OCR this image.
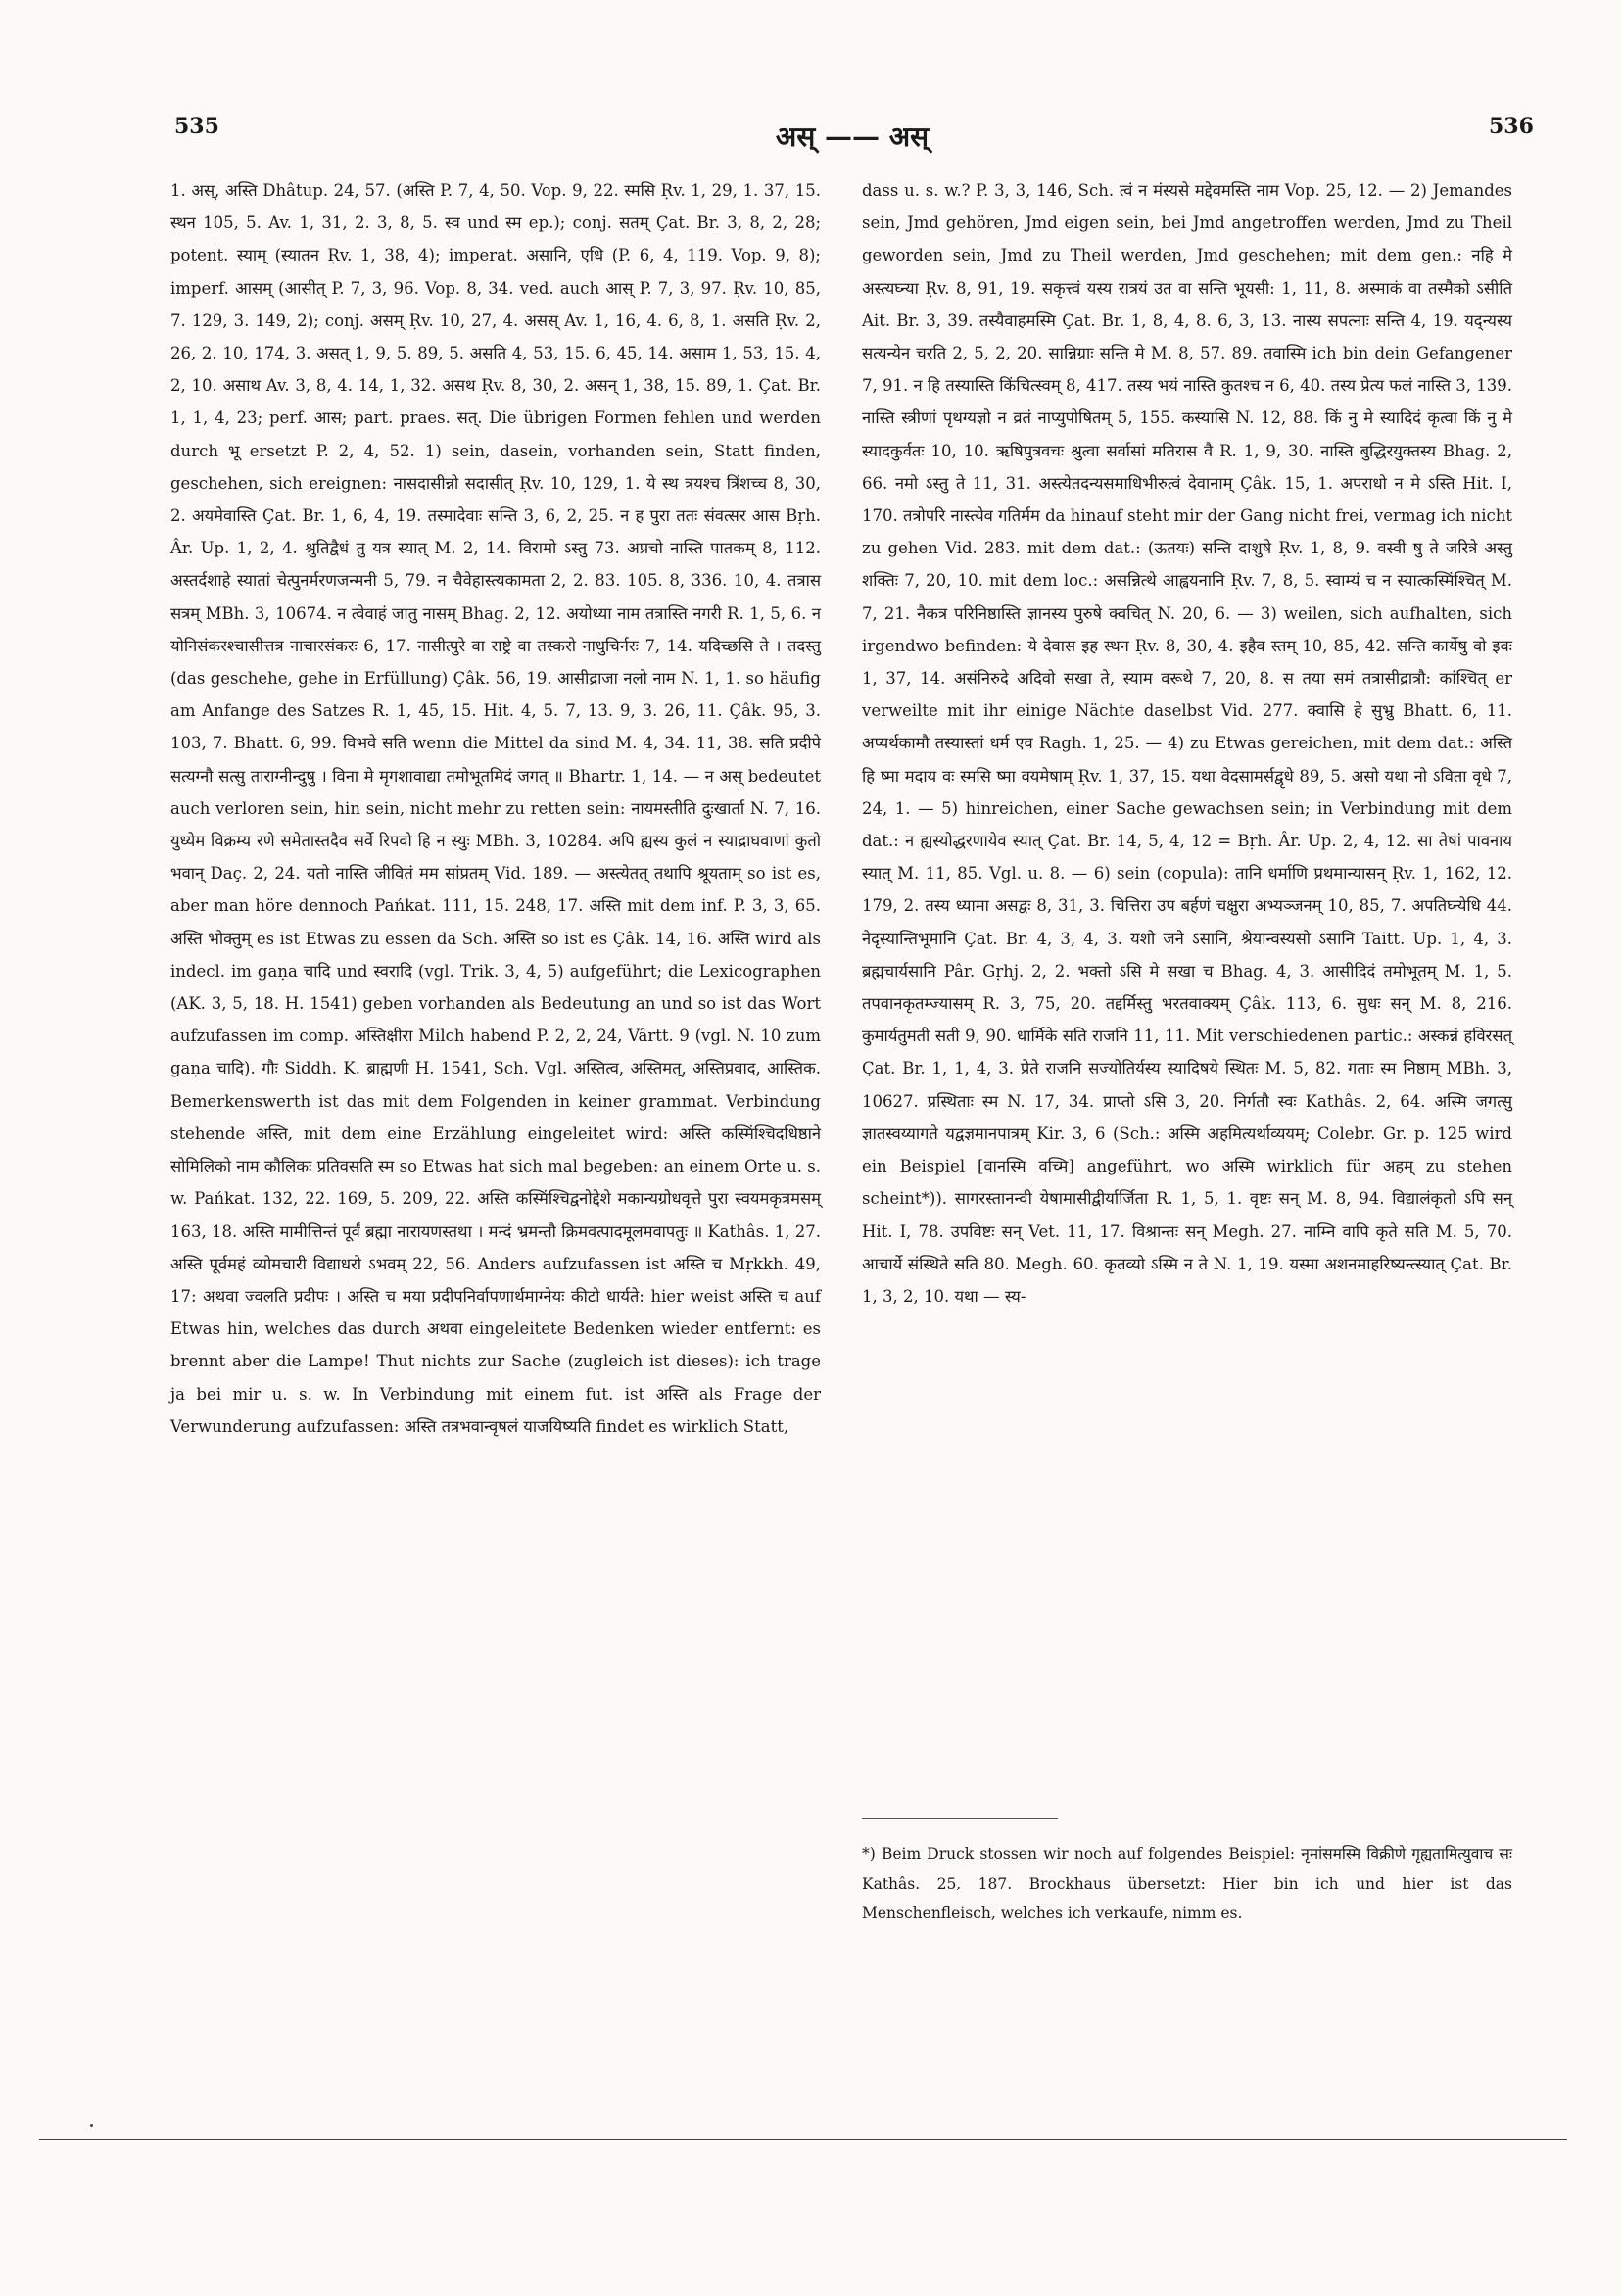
535	अस् —— अस्	536

1. अस्, अस्ति Dhâtup. 24, 57. (अस्ति P. 7, 4, 50. Vop. 9, 22. स्मसि Ṛv. 1, 29, 1. 37, 15. स्थन 105, 5. Av. 1, 31, 2. 3, 8, 5. स्व und स्म ep.); conj. सतम् Çat. Br. 3, 8, 2, 28; potent. स्याम् (स्यातन Ṛv. 1, 38, 4); imperat. असानि, एधि (P. 6, 4, 119. Vop. 9, 8); imperf. आसम् (आसीत् P. 7, 3, 96. Vop. 8, 34. ved. auch आस् P. 7, 3, 97. Ṛv. 10, 85, 7. 129, 3. 149, 2); conj. असम् Ṛv. 10, 27, 4. असस् Av. 1, 16, 4. 6, 8, 1. असति Ṛv. 2, 26, 2. 10, 174, 3. असत् 1, 9, 5. 89, 5. असति 4, 53, 15. 6, 45, 14. असाम 1, 53, 15. 4, 2, 10. असाथ Av. 3, 8, 4. 14, 1, 32. असथ Ṛv. 8, 30, 2. असन् 1, 38, 15. 89, 1. Çat. Br. 1, 1, 4, 23; perf. आस; part. praes. सत्. Die übrigen Formen fehlen und werden durch भू ersetzt P. 2, 4, 52. 1) sein, dasein, vorhanden sein, Statt finden, geschehen, sich ereignen: नासदासीन्नो सदासीत् Ṛv. 10, 129, 1. ये स्थ त्रयश्च त्रिंशच्च 8, 30, 2. अयमेवास्ति Çat. Br. 1, 6, 4, 19. तस्मादेवाः सन्ति 3, 6, 2, 25. न ह पुरा ततः संवत्सर आस Bṛh. Âr. Up. 1, 2, 4. श्रुतिद्वैधं तु यत्र स्यात् M. 2, 14. विरामो ऽस्तु 73. अप्रचो नास्ति पातकम् 8, 112. अस्तर्दशाहे स्यातां चेत्पुनर्मरणजन्मनी 5, 79. न चैवेहास्त्यकामता 2, 2. 83. 105. 8, 336. 10, 4. तत्रास सत्रम् MBh. 3, 10674. न त्वेवाहं जातु नासम् Bhag. 2, 12. अयोध्या नाम तत्रास्ति नगरी R. 1, 5, 6. न योनिसंकरश्चासीत्तत्र नाचारसंकरः 6, 17. नासीत्पुरे वा राष्ट्रे वा तस्करो नाधुचिर्नरः 7, 14. यदिच्छसि ते । तदस्तु (das geschehe, gehe in Erfüllung) Çâk. 56, 19. आसीद्राजा नलो नाम N. 1, 1. so häufig am Anfange des Satzes R. 1, 45, 15. Hit. 4, 5. 7, 13. 9, 3. 26, 11. Çâk. 95, 3. 103, 7. Bhatt. 6, 99. विभवे सति wenn die Mittel da sind M. 4, 34. 11, 38. सति प्रदीपे सत्यग्नौ सत्सु ताराग्नीन्दुषु । विना मे मृगशावाद्या तमोभूतमिदं जगत् ॥ Bhartr. 1, 14. — न अस् bedeutet auch verloren sein, hin sein, nicht mehr zu retten sein: नायमस्तीति दुःखार्ता N. 7, 16. युध्येम विक्रम्य रणे समेतास्तदैव सर्वे रिपवो हि न स्युः MBh. 3, 10284. अपि ह्यस्य कुलं न स्याद्राघवाणां कुतो भवान् Daç. 2, 24. यतो नास्ति जीवितं मम सांप्रतम् Vid. 189. — अस्त्येतत् तथापि श्रूयताम् so ist es, aber man höre dennoch Pańkat. 111, 15. 248, 17. अस्ति mit dem inf. P. 3, 3, 65. अस्ति भोक्तुम् es ist Etwas zu essen da Sch. अस्ति so ist es Çâk. 14, 16. अस्ति wird als indecl. im gaṇa चादि und स्वरादि (vgl. Trik. 3, 4, 5) aufgeführt; die Lexicographen (AK. 3, 5, 18. H. 1541) geben vorhanden als Bedeutung an und so ist das Wort aufzufassen im comp. अस्तिक्षीरा Milch habend P. 2, 2, 24, Vârtt. 9 (vgl. N. 10 zum gaṇa चादि). गौः Siddh. K. ब्राह्मणी H. 1541, Sch. Vgl. अस्तित्व, अस्तिमत्, अस्तिप्रवाद, आस्तिक. Bemerkenswerth ist das mit dem Folgenden in keiner grammat. Verbindung stehende अस्ति, mit dem eine Erzählung eingeleitet wird: अस्ति कस्मिंश्चिदधिष्ठाने सोमिलिको नाम कौलिकः प्रतिवसति स्म so Etwas hat sich mal begeben: an einem Orte u. s. w. Pańkat. 132, 22. 169, 5. 209, 22. अस्ति कस्मिंश्चिद्वनोद्देशे मकान्यग्रोधवृत्ते पुरा स्वयमकृत्रमसम् 163, 18. अस्ति मामीत्तिन्तं पूर्वं ब्रह्मा नारायणस्तथा । मन्दं भ्रमन्तौ क्रिमवत्पादमूलमवापतुः ॥ Kathâs. 1, 27. अस्ति पूर्वमहं व्योमचारी विद्याधरो ऽभवम् 22, 56. Anders aufzufassen ist अस्ति च Mṛkkh. 49, 17: अथवा ज्वलति प्रदीपः । अस्ति च मया प्रदीपनिर्वापणार्थमाग्नेयः कीटो धार्यते: hier weist अस्ति च auf Etwas hin, welches das durch अथवा eingeleitete Bedenken wieder entfernt: es brennt aber die Lampe! Thut nichts zur Sache (zugleich ist dieses): ich trage ja bei mir u. s. w. In Verbindung mit einem fut. ist अस्ति als Frage der Verwunderung aufzufassen: अस्ति तत्रभवान्वृषलं याजयिष्यति findet es wirklich Statt,

dass u. s. w.? P. 3, 3, 146, Sch. त्वं न मंस्यसे मद्देवमस्ति नाम Vop. 25, 12. — 2) Jemandes sein, Jmd gehören, Jmd eigen sein, bei Jmd angetroffen werden, Jmd zu Theil geworden sein, Jmd zu Theil werden, Jmd geschehen; mit dem gen.: नहि मे अस्त्यघ्न्या Ṛv. 8, 91, 19. सकृत्त्वं यस्य रात्रयं उत वा सन्ति भूयसी: 1, 11, 8. अस्माकं वा तस्मैको ऽसीति Ait. Br. 3, 39. तस्यैवाहमस्मि Çat. Br. 1, 8, 4, 8. 6, 3, 13. नास्य सपत्नाः सन्ति 4, 19. यद्न्यस्य सत्यन्येन चरति 2, 5, 2, 20. सान्निग्राः सन्ति मे M. 8, 57. 89. तवास्मि ich bin dein Gefangener 7, 91. न हि तस्यास्ति किंचित्स्वम् 8, 417. तस्य भयं नास्ति कुतश्च न 6, 40. तस्य प्रेत्य फलं नास्ति 3, 139. नास्ति स्त्रीणां पृथग्यज्ञो न व्रतं नाप्युपोषितम् 5, 155. कस्यासि N. 12, 88. किं नु मे स्यादिदं कृत्वा किं नु मे स्यादकुर्वतः 10, 10. ऋषिपुत्रवचः श्रुत्वा सर्वासां मतिरास वै R. 1, 9, 30. नास्ति बुद्धिरयुक्तस्य Bhag. 2, 66. नमो ऽस्तु ते 11, 31. अस्त्येतदन्यसमाधिभीरुत्वं देवानाम् Çâk. 15, 1. अपराधो न मे ऽस्ति Hit. I, 170. तत्रोपरि नास्त्येव गतिर्मम da hinauf steht mir der Gang nicht frei, vermag ich nicht zu gehen Vid. 283. mit dem dat.: (ऊतयः) सन्ति दाशुषे Ṛv. 1, 8, 9. वस्वी षु ते जरित्रे अस्तु शक्तिः 7, 20, 10. mit dem loc.: असन्नित्थे आह्वयनानि Ṛv. 7, 8, 5. स्वाम्यं च न स्यात्कस्मिंश्चित् M. 7, 21. नैकत्र परिनिष्ठास्ति ज्ञानस्य पुरुषे क्वचित् N. 20, 6. — 3) weilen, sich aufhalten, sich irgendwo befinden: ये देवास इह स्थन Ṛv. 8, 30, 4. इहैव स्तम् 10, 85, 42. सन्ति कार्येषु वो इवः 1, 37, 14. असंनिरुदे अदिवो सखा ते, स्याम वरूथे 7, 20, 8. स तया समं तत्रासीद्रात्रौ: कांश्चित् er verweilte mit ihr einige Nächte daselbst Vid. 277. क्वासि हे सुभ्रु Bhatt. 6, 11. अप्यर्थकामौ तस्यास्तां धर्म एव Ragh. 1, 25. — 4) zu Etwas gereichen, mit dem dat.: अस्ति हि ष्मा मदाय वः स्मसि ष्मा वयमेषाम् Ṛv. 1, 37, 15. यथा वेदसामर्सद्वृधे 89, 5. असो यथा नो ऽविता वृधे 7, 24, 1. — 5) hinreichen, einer Sache gewachsen sein; in Verbindung mit dem dat.: न ह्यस्योद्धरणायेव स्यात् Çat. Br. 14, 5, 4, 12 = Bṛh. Âr. Up. 2, 4, 12. सा तेषां पावनाय स्यात् M. 11, 85. Vgl. u. 8. — 6) sein (copula): तानि धर्माणि प्रथमान्यासन् Ṛv. 1, 162, 12. 179, 2. तस्य ध्यामा असद्वः 8, 31, 3. चित्तिरा उप बर्हणं चक्षुरा अभ्यञ्जनम् 10, 85, 7. अपतिघ्न्येधि 44. नेदृस्यान्तिभूमानि Çat. Br. 4, 3, 4, 3. यशो जने ऽसानि, श्रेयान्वस्यसो ऽसानि Taitt. Up. 1, 4, 3. ब्रह्मचार्यसानि Pâr. Gṛhj. 2, 2. भक्तो ऽसि मे सखा च Bhag. 4, 3. आसीदिदं तमोभूतम् M. 1, 5. तपवानकृतम्ज्यासम् R. 3, 75, 20. तद्दर्मिस्तु भरतवाक्यम् Çâk. 113, 6. सुधः सन् M. 8, 216. कुमार्यतुमती सती 9, 90. धार्मिके सति राजनि 11, 11. Mit verschiedenen partic.: अस्कन्नं हविरसत् Çat. Br. 1, 1, 4, 3. प्रेते राजनि सज्योतिर्यस्य स्यादिषये स्थितः M. 5, 82. गताः स्म निष्ठाम् MBh. 3, 10627. प्रस्थिताः स्म N. 17, 34. प्राप्तो ऽसि 3, 20. निर्गतौ स्वः Kathâs. 2, 64. अस्मि जगत्सु ज्ञातस्वय्यागते यद्वज्ञमानपात्रम् Kir. 3, 6 (Sch.: अस्मि अहमित्यर्थाव्ययम्; Colebr. Gr. p. 125 wird ein Beispiel [वानस्मि वच्मि] angeführt, wo अस्मि wirklich für अहम् zu stehen scheint*)). सागरस्तानन्वी येषामासीद्वीर्यार्जिता R. 1, 5, 1. वृष्टः सन् M. 8, 94. विद्यालंकृतो ऽपि सन् Hit. I, 78. उपविष्टः सन् Vet. 11, 17. विश्रान्तः सन् Megh. 27. नाम्नि वापि कृते सति M. 5, 70. आचार्ये संस्थिते सति 80. Megh. 60. कृतव्यो ऽस्मि न ते N. 1, 19. यस्मा अशनमाहरिष्यन्त्स्यात् Çat. Br. 1, 3, 2, 10. यथा — स्य-

*) Beim Druck stossen wir noch auf folgendes Beispiel: नृमांसमस्मि विक्रीणे गृह्यतामित्युवाच सः Kathâs. 25, 187. Brockhaus übersetzt: Hier bin ich und hier ist das Menschenfleisch, welches ich verkaufe, nimm es.
